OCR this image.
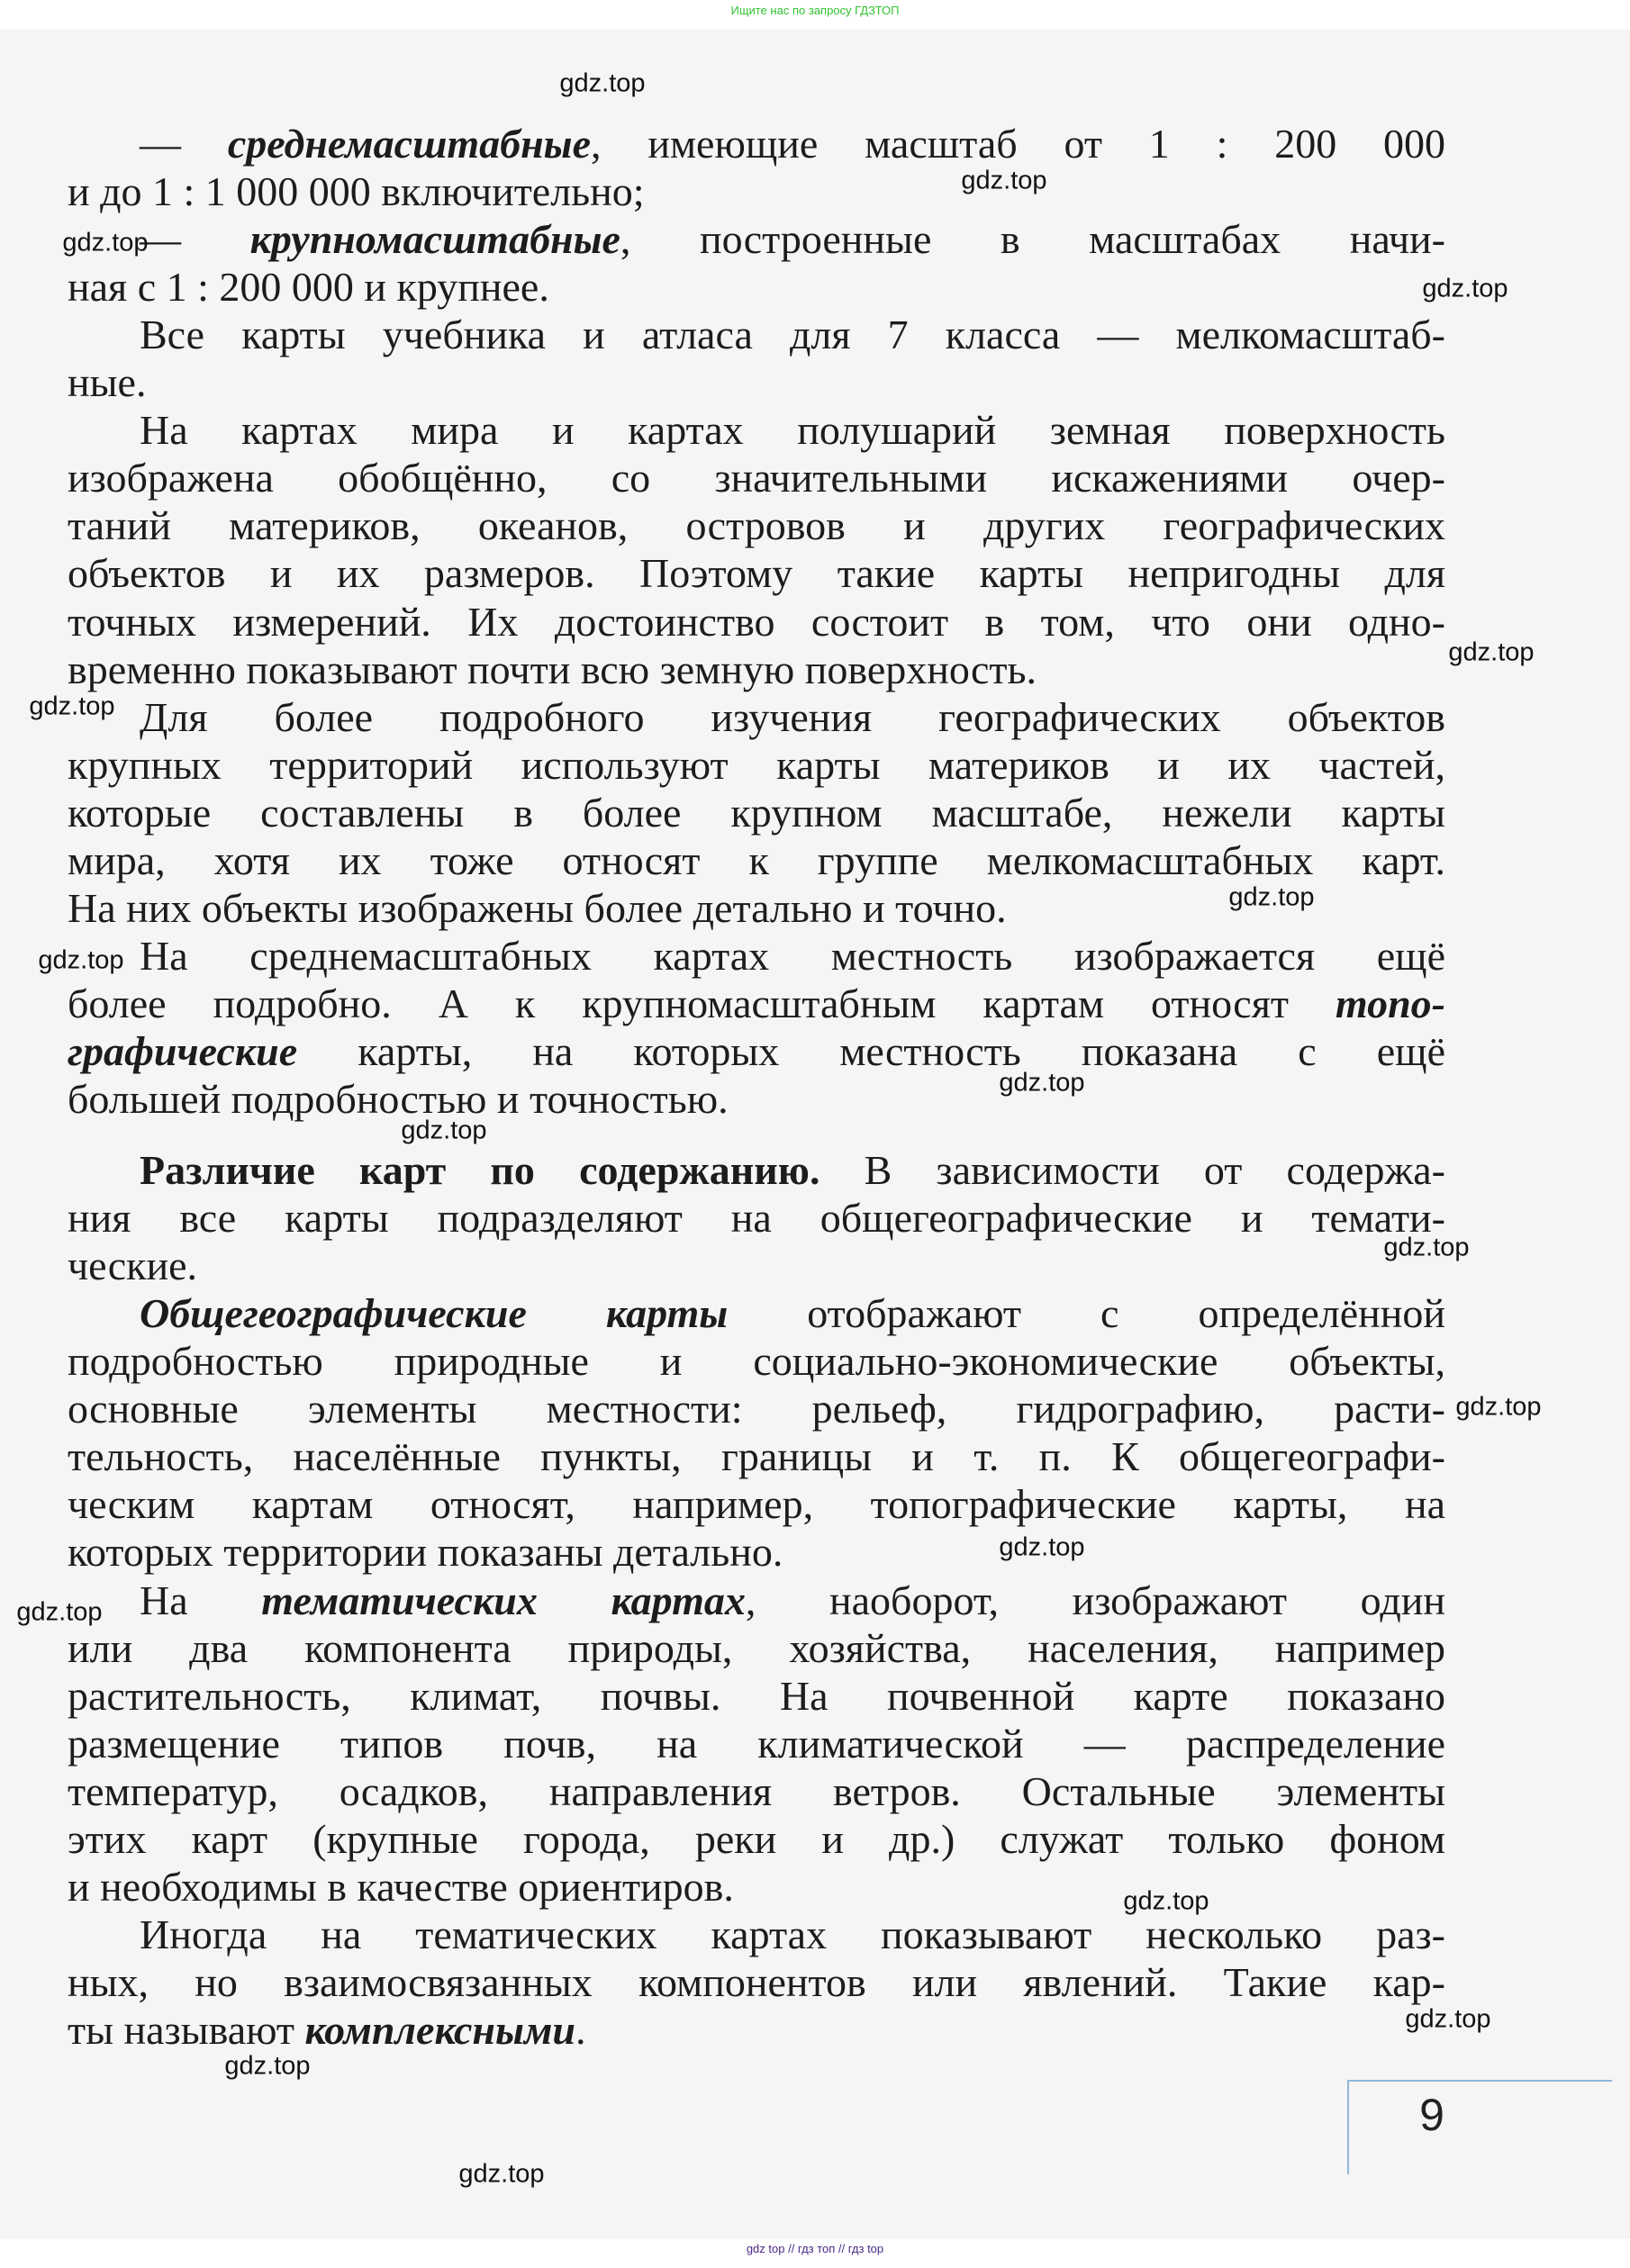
Ищите нас по запросу ГДЗТОП
— среднемасштабные, имеющие масштаб от 1 : 200 000
и до 1 : 1 000 000 включительно;
— крупномасштабные, построенные в масштабах начи-
ная с 1 : 200 000 и крупнее.
Все карты учебника и атласа для 7 класса — мелкомасштаб-
ные.
На картах мира и картах полушарий земная поверхность
изображена обобщённо, со значительными искажениями очер-
таний материков, океанов, островов и других географических
объектов и их размеров. Поэтому такие карты непригодны для
точных измерений. Их достоинство состоит в том, что они одно-
временно показывают почти всю земную поверхность.
Для более подробного изучения географических объектов
крупных территорий используют карты материков и их частей,
которые составлены в более крупном масштабе, нежели карты
мира, хотя их тоже относят к группе мелкомасштабных карт.
На них объекты изображены более детально и точно.
На среднемасштабных картах местность изображается ещё
более подробно. А к крупномасштабным картам относят топо-
графические карты, на которых местность показана с ещё
большей подробностью и точностью.
Различие карт по содержанию. В зависимости от содержа-
ния все карты подразделяют на общегеографические и темати-
ческие.
Общегеографические карты отображают с определённой
подробностью природные и социально-экономические объекты,
основные элементы местности: рельеф, гидрографию, расти-
тельность, населённые пункты, границы и т. п. К общегеографи-
ческим картам относят, например, топографические карты, на
которых территории показаны детально.
На тематических картах, наоборот, изображают один
или два компонента природы, хозяйства, населения, например
растительность, климат, почвы. На почвенной карте показано
размещение типов почв, на климатической — распределение
температур, осадков, направления ветров. Остальные элементы
этих карт (крупные города, реки и др.) служат только фоном
и необходимы в качестве ориентиров.
Иногда на тематических картах показывают несколько раз-
ных, но взаимосвязанных компонентов или явлений. Такие кар-
ты называют комплексными.
gdz.top
gdz.top
gdz.top
gdz.top
gdz.top
gdz.top
gdz.top
gdz.top
gdz.top
gdz.top
gdz.top
gdz.top
gdz.top
gdz.top
gdz.top
gdz.top
gdz.top
gdz.top
9
gdz top // гдз топ // гдз top
